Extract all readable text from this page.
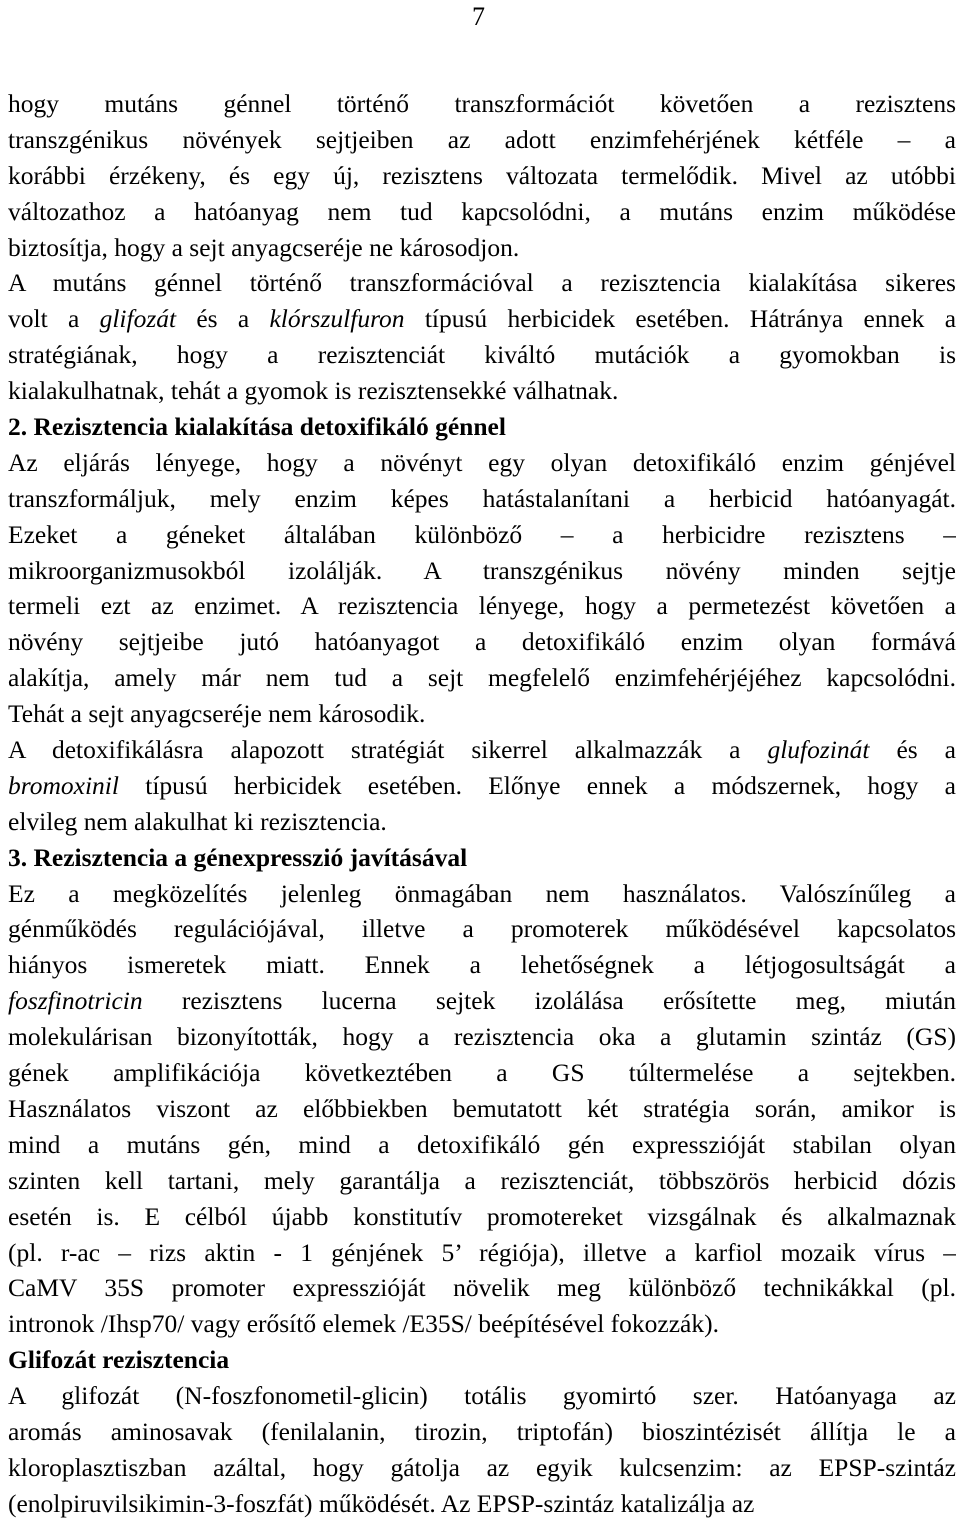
7
hogy mutáns génnel történő transzformációt követően a rezisztens
transzgénikus növények sejtjeiben az adott enzimfehérjének kétféle – a
korábbi érzékeny, és egy új, rezisztens változata termelődik. Mivel az utóbbi
változathoz a hatóanyag nem tud kapcsolódni, a mutáns enzim működése
biztosítja, hogy a sejt anyagcseréje ne károsodjon.
A mutáns génnel történő transzformációval a rezisztencia kialakítása sikeres
volt a glifozát és a klórszulfuron típusú herbicidek esetében. Hátránya ennek a
stratégiának, hogy a rezisztenciát kiváltó mutációk a gyomokban is
kialakulhatnak, tehát a gyomok is rezisztensekké válhatnak.
2. Rezisztencia kialakítása detoxifikáló génnel
Az eljárás lényege, hogy a növényt egy olyan detoxifikáló enzim génjével
transzformáljuk, mely enzim képes hatástalanítani a herbicid hatóanyagát.
Ezeket a géneket általában különböző – a herbicidre rezisztens –
mikroorganizmusokból izolálják. A transzgénikus növény minden sejtje
termeli ezt az enzimet. A rezisztencia lényege, hogy a permetezést követően a
növény sejtjeibe jutó hatóanyagot a detoxifikáló enzim olyan formává
alakítja, amely már nem tud a sejt megfelelő enzimfehérjéjéhez kapcsolódni.
Tehát a sejt anyagcseréje nem károsodik.
A detoxifikálásra alapozott stratégiát sikerrel alkalmazzák a glufozinát és a
bromoxinil típusú herbicidek esetében. Előnye ennek a módszernek, hogy a
elvileg nem alakulhat ki rezisztencia.
3. Rezisztencia a génexpresszió javításával
Ez a megközelítés jelenleg önmagában nem használatos. Valószínűleg a
génműködés regulációjával, illetve a promoterek működésével kapcsolatos
hiányos ismeretek miatt. Ennek a lehetőségnek a létjogosultságát a
foszfinotricin rezisztens lucerna sejtek izolálása erősítette meg, miután
molekulárisan bizonyították, hogy a rezisztencia oka a glutamin szintáz (GS)
gének amplifikációja következtében a GS túltermelése a sejtekben.
Használatos viszont az előbbiekben bemutatott két stratégia során, amikor is
mind a mutáns gén, mind a detoxifikáló gén expresszióját stabilan olyan
szinten kell tartani, mely garantálja a rezisztenciát, többszörös herbicid dózis
esetén is. E célból újabb konstitutív promotereket vizsgálnak és alkalmaznak
(pl. r-ac – rizs aktin - 1 génjének 5’ régiója), illetve a karfiol mozaik vírus –
CaMV 35S promoter expresszióját növelik meg különböző technikákkal (pl.
intronok /Ihsp70/ vagy erősítő elemek /E35S/ beépítésével fokozzák).
Glifozát rezisztencia
A glifozát (N-foszfonometil-glicin) totális gyomirtó szer. Hatóanyaga az
aromás aminosavak (fenilalanin, tirozin, triptofán) bioszintézisét állítja le a
kloroplasztiszban azáltal, hogy gátolja az egyik kulcsenzim: az EPSP-szintáz
(enolpiruvilsikimin-3-foszfát) működését. Az EPSP-szintáz katalizálja az
